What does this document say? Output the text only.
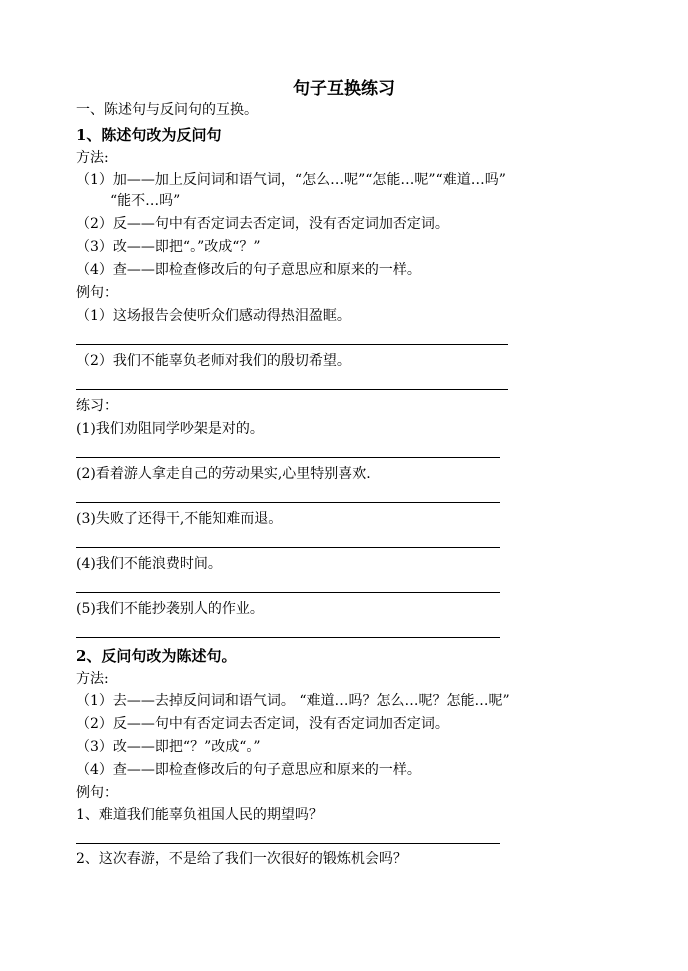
句子互换练习
一、陈述句与反问句的互换。
1、陈述句改为反问句
方法:
（1）加——加上反问词和语气词，“怎么…呢”“怎能…呢”“难道…吗”
“能不…吗”
（2）反——句中有否定词去否定词，没有否定词加否定词。
（3）改——即把“。”改成“？”
（4）查——即检查修改后的句子意思应和原来的一样。
例句：
（1）这场报告会使听众们感动得热泪盈眶。
（2）我们不能辜负老师对我们的殷切希望。
练习：
(1)我们劝阻同学吵架是对的。
(2)看着游人拿走自己的劳动果实,心里特别喜欢.
(3)失败了还得干,不能知难而退。
(4)我们不能浪费时间。
(5)我们不能抄袭别人的作业。
2、反问句改为陈述句。
方法:
（1）去——去掉反问词和语气词。 “难道…吗？怎么…呢？怎能…呢”
（2）反——句中有否定词去否定词，没有否定词加否定词。
（3）改——即把“？”改成“。”
（4）查——即检查修改后的句子意思应和原来的一样。
例句：
1、难道我们能辜负祖国人民的期望吗？
2、这次春游，不是给了我们一次很好的锻炼机会吗？
